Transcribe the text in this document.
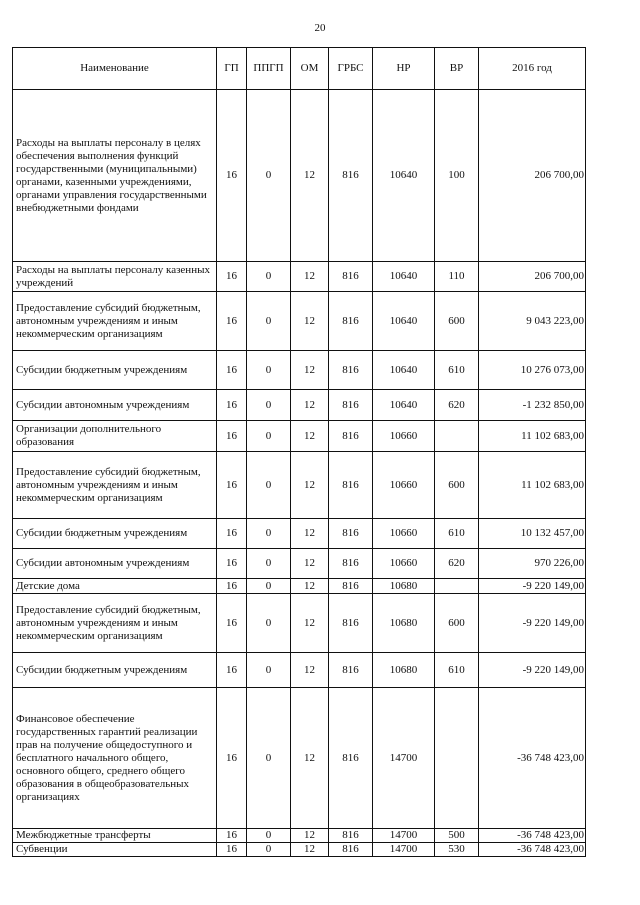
20
Наименование	ГП	ППГП	ОМ	ГРБС	НР	ВР	2016 год
Расходы на выплаты персоналу в целях обеспечения выполнения функций государственными (муниципальными) органами, казенными учреждениями, органами управления государственными внебюджетными фондами	16	0	12	816	10640	100	206 700,00
Расходы на выплаты персоналу казенных учреждений	16	0	12	816	10640	110	206 700,00
Предоставление субсидий бюджетным, автономным учреждениям и иным некоммерческим организациям	16	0	12	816	10640	600	9 043 223,00
Субсидии бюджетным учреждениям	16	0	12	816	10640	610	10 276 073,00
Субсидии автономным учреждениям	16	0	12	816	10640	620	-1 232 850,00
Организации дополнительного образования	16	0	12	816	10660		11 102 683,00
Предоставление субсидий бюджетным, автономным учреждениям и иным некоммерческим организациям	16	0	12	816	10660	600	11 102 683,00
Субсидии бюджетным учреждениям	16	0	12	816	10660	610	10 132 457,00
Субсидии автономным учреждениям	16	0	12	816	10660	620	970 226,00
Детские дома	16	0	12	816	10680		-9 220 149,00
Предоставление субсидий бюджетным, автономным учреждениям и иным некоммерческим организациям	16	0	12	816	10680	600	-9 220 149,00
Субсидии бюджетным учреждениям	16	0	12	816	10680	610	-9 220 149,00
Финансовое обеспечение государственных гарантий реализации прав на получение общедоступного и бесплатного начального общего, основного общего, среднего общего образования в общеобразовательных организациях	16	0	12	816	14700		-36 748 423,00
Межбюджетные трансферты	16	0	12	816	14700	500	-36 748 423,00
Субвенции	16	0	12	816	14700	530	-36 748 423,00
